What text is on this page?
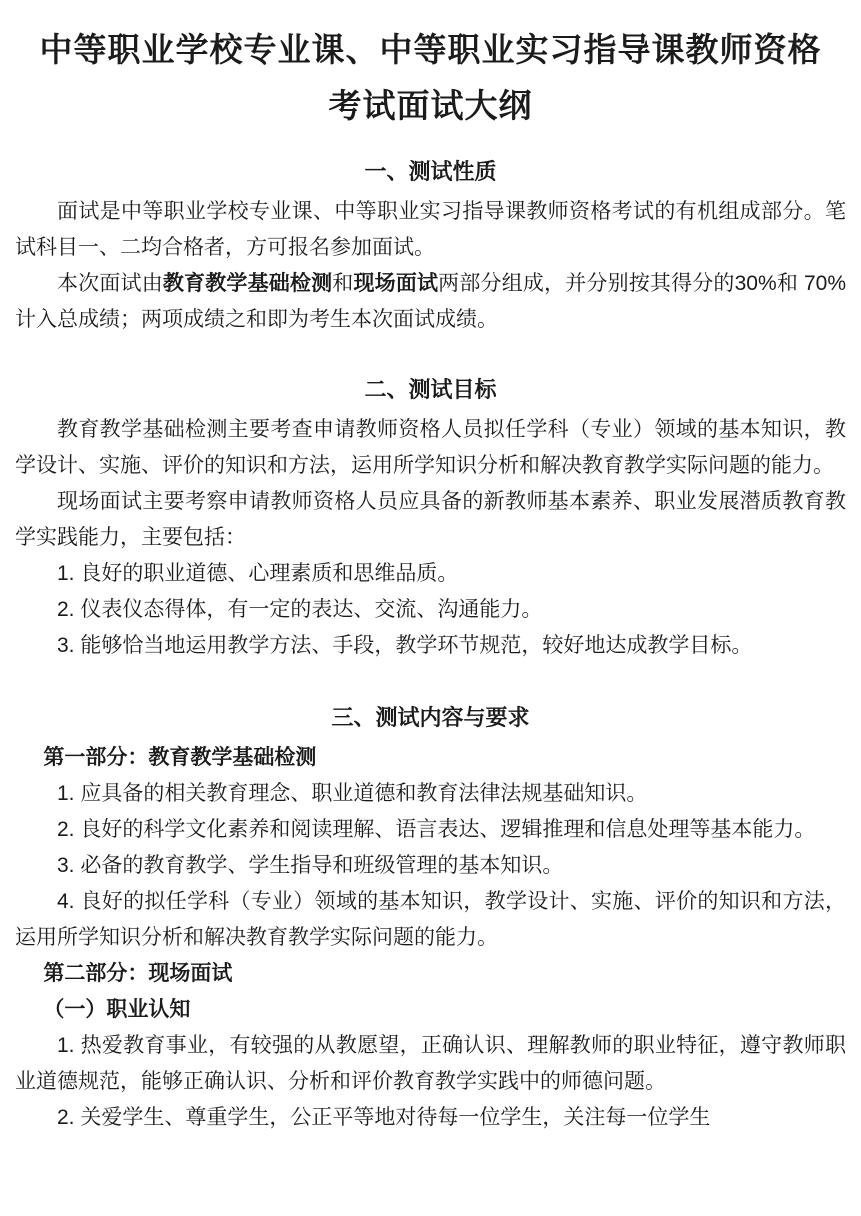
中等职业学校专业课、中等职业实习指导课教师资格
考试面试大纲
一、测试性质

面试是中等职业学校专业课、中等职业实习指导课教师资格考试的有机组成部分。笔试科目一、二均合格者，方可报名参加面试。

本次面试由教育教学基础检测和现场面试两部分组成，并分别按其得分的30%和 70%计入总成绩；两项成绩之和即为考生本次面试成绩。

二、测试目标

教育教学基础检测主要考查申请教师资格人员拟任学科（专业）领域的基本知识，教学设计、实施、评价的知识和方法，运用所学知识分析和解决教育教学实际问题的能力。

现场面试主要考察申请教师资格人员应具备的新教师基本素养、职业发展潜质教育教学实践能力，主要包括：

1. 良好的职业道德、心理素质和思维品质。

2. 仪表仪态得体，有一定的表达、交流、沟通能力。

3. 能够恰当地运用教学方法、手段，教学环节规范，较好地达成教学目标。

三、测试内容与要求

第一部分：教育教学基础检测

1. 应具备的相关教育理念、职业道德和教育法律法规基础知识。

2. 良好的科学文化素养和阅读理解、语言表达、逻辑推理和信息处理等基本能力。

3. 必备的教育教学、学生指导和班级管理的基本知识。

4. 良好的拟任学科（专业）领域的基本知识，教学设计、实施、评价的知识和方法，运用所学知识分析和解决教育教学实际问题的能力。

第二部分：现场面试

（一）职业认知

1. 热爱教育事业，有较强的从教愿望，正确认识、理解教师的职业特征，遵守教师职业道德规范，能够正确认识、分析和评价教育教学实践中的师德问题。

2. 关爱学生、尊重学生，公正平等地对待每一位学生，关注每一位学生
